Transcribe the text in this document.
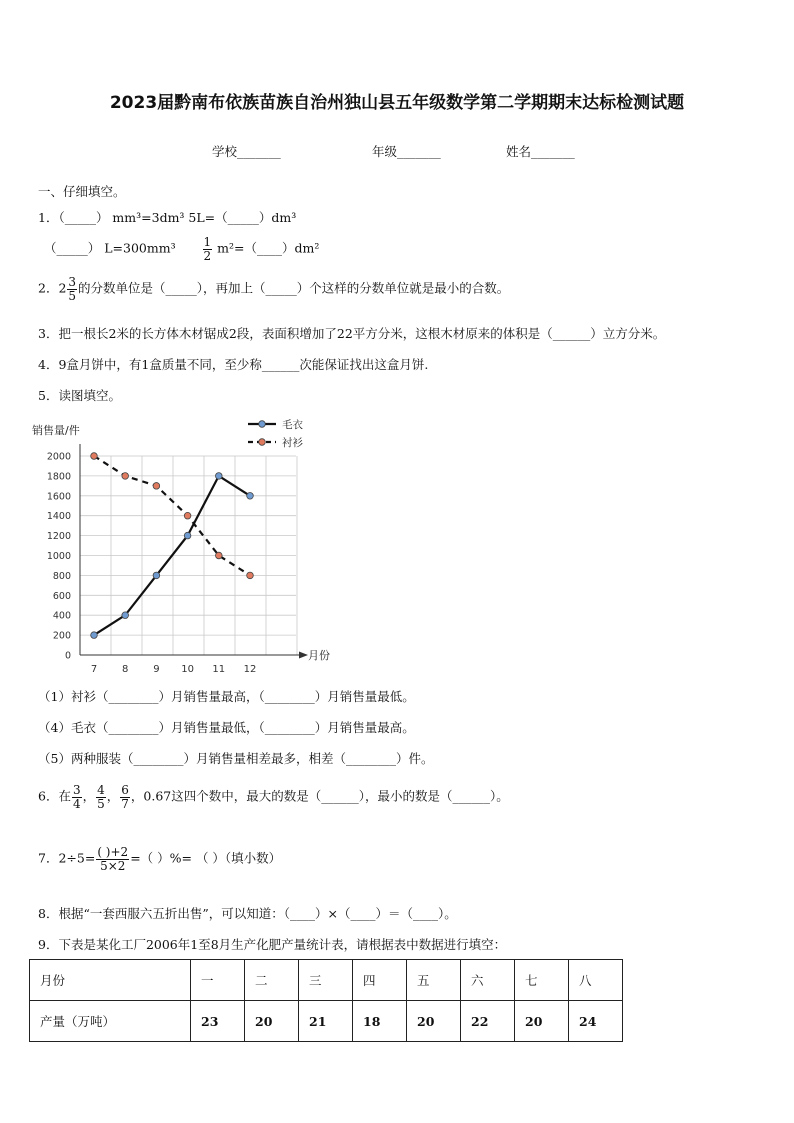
2023届黔南布依族苗族自治州独山县五年级数学第二学期期末达标检测试题
学校_______	年级_______	姓名_______
一、仔细填空。
1．（_____） mm³=3dm³ 5L=（_____）dm³
（_____） $L=300mm^3 \frac{1}{2}$ m²=（____）dm²
2．$2 \frac{3}{5}$ 的分数单位是（_____），再加上（_____）个这样的分数单位就是最小的合数。
3．把一根长2米的长方体木材锯成2段，表面积增加了22平方分米，这根木材原来的体积是（______）立方分米。
4．9盒月饼中，有1盒质量不同，至少称______次能保证找出这盒月饼.
5．读图填空。
销售量/件
月份
2000
1800
1600
1400
1200
1000
800
600
400
200
0
7 8 9 10 11 12
毛衣
衬衫
（1）衬衫（________）月销售量最高，（________）月销售量最低。
（4）毛衣（________）月销售量最低，（________）月销售量最高。
（5）两种服装（________）月销售量相差最多，相差（________）件。
6．在 $\frac{3}{4}$ ， $\frac{4}{5}$ ， $\frac{6}{7}$ ，0.67这四个数中，最大的数是（______），最小的数是（______）。
7．$2\div 5= \frac{( )+2}{5\times 2}$ =（ ）%= （ ）（填小数）
8．根据“一套西服六五折出售”，可以知道：（____）×（____）＝（____）。
9．下表是某化工厂2006年1至8月生产化肥产量统计表，请根据表中数据进行填空：
月份	一	二	三	四	五	六	七	八
产量（万吨）	23	20	21	18	20	22	20	24
